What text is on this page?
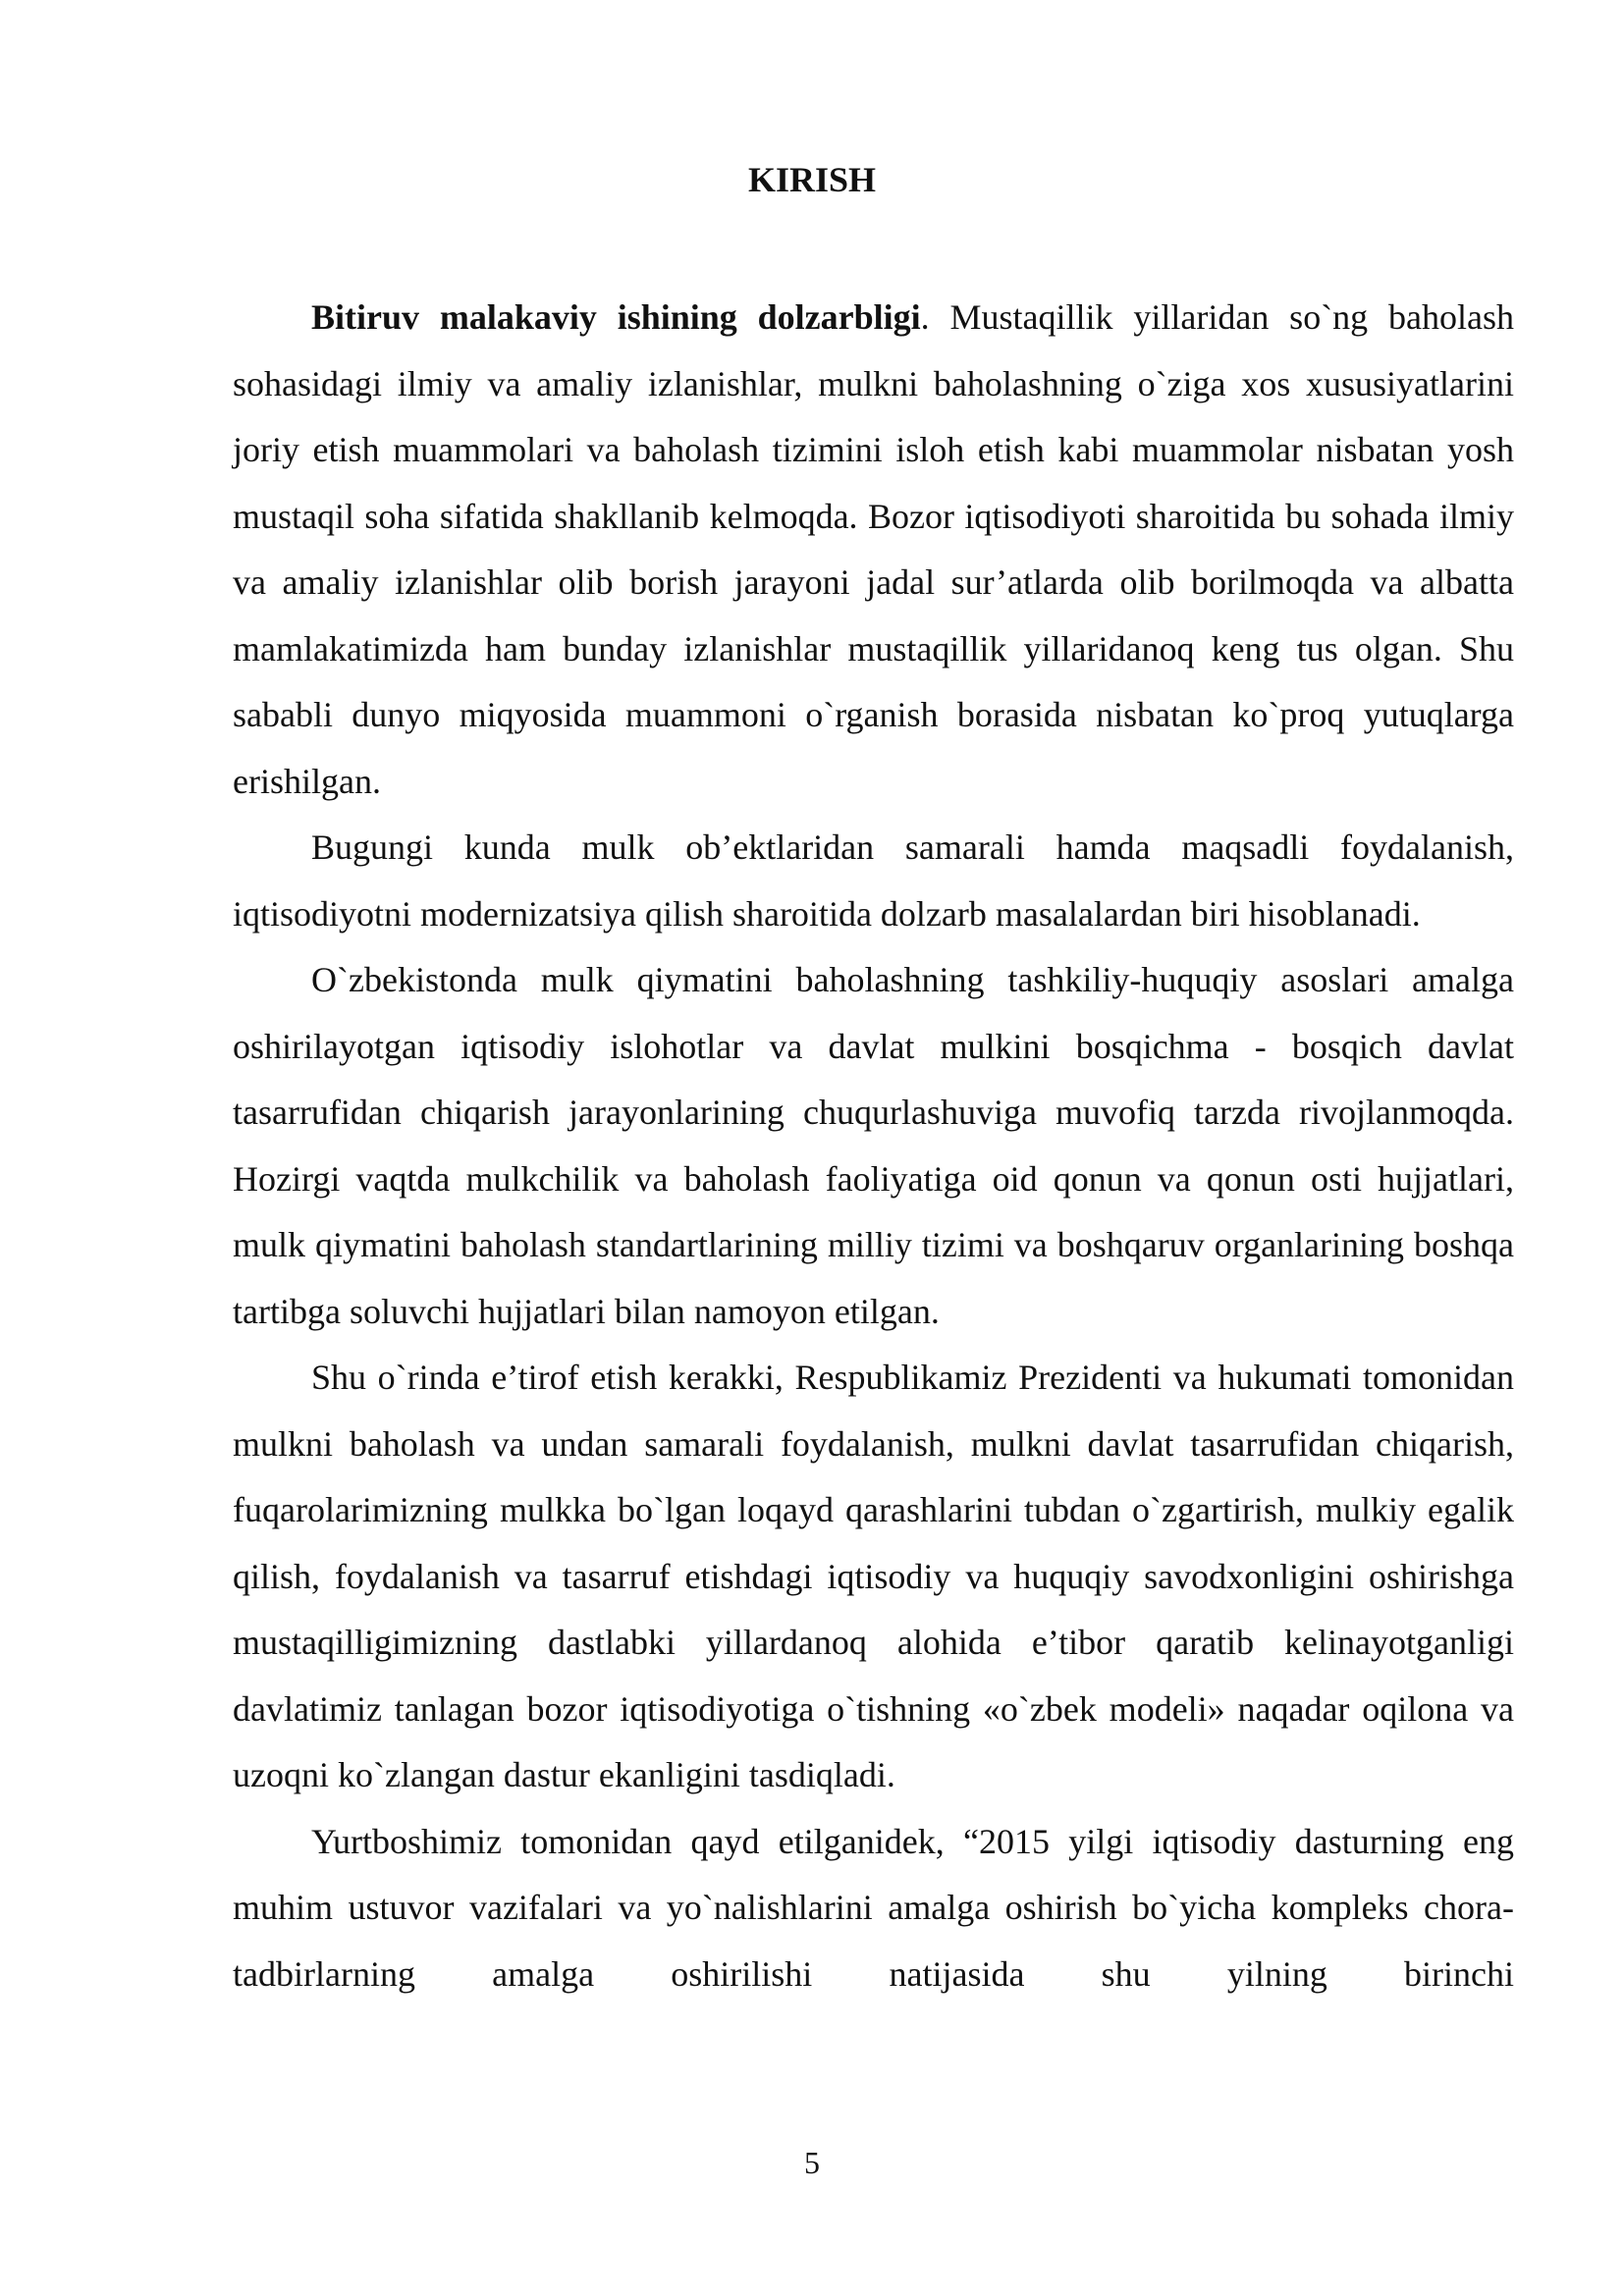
KIRISH

Bitiruv malakaviy ishining dolzarbligi. Mustaqillik yillaridan so`ng baholash sohasidagi ilmiy va amaliy izlanishlar, mulkni baholashning o`ziga xos xususiyatlarini joriy etish muammolari va baholash tizimini isloh etish kabi muammolar nisbatan yosh mustaqil soha sifatida shakllanib kelmoqda. Bozor iqtisodiyoti sharoitida bu sohada ilmiy va amaliy izlanishlar olib borish jarayoni jadal sur’atlarda olib borilmoqda va albatta mamlakatimizda ham bunday izlanishlar mustaqillik yillaridanoq keng tus olgan. Shu sababli dunyo miqyosida muammoni o`rganish borasida nisbatan ko`proq yutuqlarga erishilgan.

Bugungi kunda mulk ob’ektlaridan samarali hamda maqsadli foydalanish, iqtisodiyotni modernizatsiya qilish sharoitida dolzarb masalalardan biri hisoblanadi.

O`zbekistonda mulk qiymatini baholashning tashkiliy-huquqiy asoslari amalga oshirilayotgan iqtisodiy islohotlar va davlat mulkini bosqichma - bosqich davlat tasarrufidan chiqarish jarayonlarining chuqurlashuviga muvofiq tarzda rivojlanmoqda. Hozirgi vaqtda mulkchilik va baholash faoliyatiga oid qonun va qonun osti hujjatlari, mulk qiymatini baholash standartlarining milliy tizimi va boshqaruv organlarining boshqa tartibga soluvchi hujjatlari bilan namoyon etilgan.

Shu o`rinda e’tirof etish kerakki, Respublikamiz Prezidenti va hukumati tomonidan mulkni baholash va undan samarali foydalanish, mulkni davlat tasarrufidan chiqarish, fuqarolarimizning mulkka bo`lgan loqayd qarashlarini tubdan o`zgartirish, mulkiy egalik qilish, foydalanish va tasarruf etishdagi iqtisodiy va huquqiy savodxonligini oshirishga mustaqilligimizning dastlabki yillardanoq alohida e’tibor qaratib kelinayotganligi davlatimiz tanlagan bozor iqtisodiyotiga o`tishning «o`zbek modeli» naqadar oqilona va uzoqni ko`zlangan dastur ekanligini tasdiqladi.

Yurtboshimiz tomonidan qayd etilganidek, “2015 yilgi iqtisodiy dasturning eng muhim ustuvor vazifalari va yo`nalishlarini amalga oshirish bo`yicha kompleks chora-tadbirlarning amalga oshirilishi natijasida shu yilning birinchi

5
